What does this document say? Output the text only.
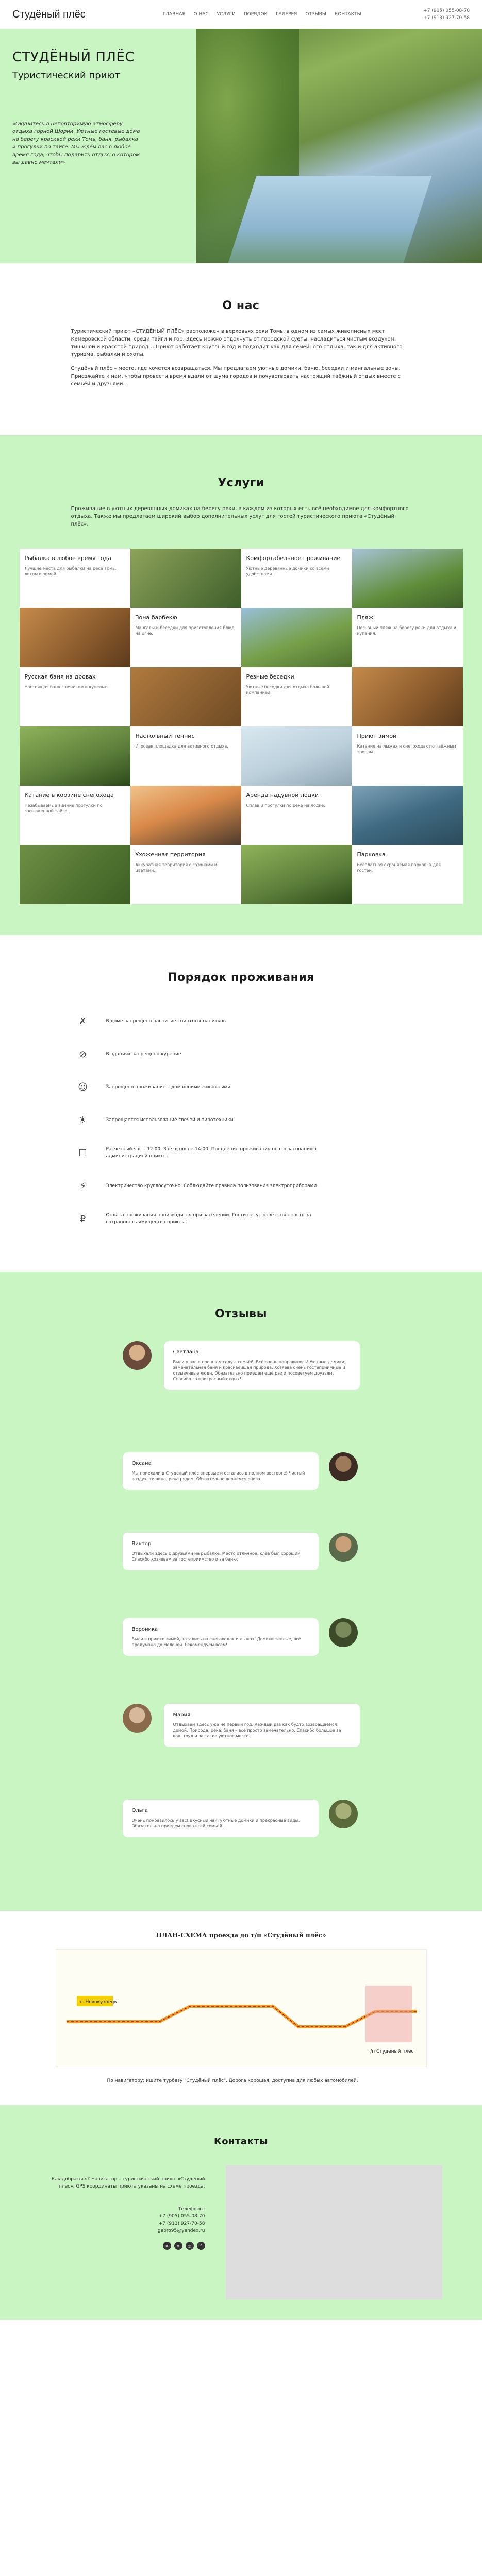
Студёный плёс	ГЛАВНАЯ О НАС УСЛУГИ ПОРЯДОК ГАЛЕРЕЯ ОТЗЫВЫ КОНТАКТЫ
+7 (905) 055-08-70
+7 (913) 927-70-58
СТУДЁНЫЙ ПЛЁС
Туристический приют
«Окунитесь в неповторимую атмосферу отдыха горной Шории. Уютные гостевые дома на берегу красивой реки Томь, баня, рыбалка и прогулки по тайге. Мы ждём вас в любое время года, чтобы подарить отдых, о котором вы давно мечтали»
О нас

Туристический приют «СТУДЁНЫЙ ПЛЁС» расположен в верховьях реки Томь, в одном из самых живописных мест Кемеровской области, среди тайги и гор. Здесь можно отдохнуть от городской суеты, насладиться чистым воздухом, тишиной и красотой природы. Приют работает круглый год и подходит как для семейного отдыха, так и для активного туризма, рыбалки и охоты.

Студёный плёс – место, где хочется возвращаться. Мы предлагаем уютные домики, баню, беседки и мангальные зоны. Приезжайте к нам, чтобы провести время вдали от шума городов и почувствовать настоящий таёжный отдых вместе с семьёй и друзьями.

Услуги
Проживание в уютных деревянных домиках на берегу реки, в каждом из которых есть всё необходимое для комфортного отдыха. Также мы предлагаем широкий выбор дополнительных услуг для гостей туристического приюта «Студёный плёс».
Рыбалка в любое время года
Лучшие места для рыбалки на реке Томь, летом и зимой.
Комфортабельное проживание
Уютные деревянные домики со всеми удобствами.
Зона барбекю
Мангалы и беседки для приготовления блюд на огне.
Пляж
Песчаный пляж на берегу реки для отдыха и купания.
Русская баня на дровах
Настоящая баня с веником и купелью.
Резные беседки
Уютные беседки для отдыха большой компанией.
Настольный теннис
Игровая площадка для активного отдыха.
Приют зимой
Катание на лыжах и снегоходах по таёжным тропам.
Катание в корзине снегохода
Незабываемые зимние прогулки по заснеженной тайге.
Аренда надувной лодки
Сплав и прогулки по реке на лодке.
Ухоженная территория
Аккуратная территория с газонами и цветами.
Парковка
Бесплатная охраняемая парковка для гостей.
Порядок проживания
✗	В доме запрещено распитие спиртных напитков
⊘	В зданиях запрещено курение
☺	Запрещено проживание с домашними животными
☀	Запрещается использование свечей и пиротехники
☐	Расчётный час – 12:00. Заезд после 14:00. Продление проживания по согласованию с администрацией приюта.
⚡	Электричество круглосуточно. Соблюдайте правила пользования электроприборами.
₽	Оплата проживания производится при заселении. Гости несут ответственность за сохранность имущества приюта.
Отзывы
Светлана
Были у вас в прошлом году с семьёй. Всё очень понравилось! Уютные домики, замечательная баня и красивейшая природа. Хозяева очень гостеприимные и отзывчивые люди. Обязательно приедем ещё раз и посоветуем друзьям. Спасибо за прекрасный отдых!
Оксана
Мы приехали в Студёный плёс впервые и остались в полном восторге! Чистый воздух, тишина, река рядом. Обязательно вернёмся снова.
Виктор
Отдыхали здесь с друзьями на рыбалке. Место отличное, клёв был хороший. Спасибо хозяевам за гостеприимство и за баню.
Вероника
Были в приюте зимой, катались на снегоходах и лыжах. Домики тёплые, всё продумано до мелочей. Рекомендуем всем!
Мария
Отдыхаем здесь уже не первый год. Каждый раз как будто возвращаемся домой. Природа, река, баня – всё просто замечательно. Спасибо большое за ваш труд и за такое уютное место.
Ольга
Очень понравилось у вас! Вкусный чай, уютные домики и прекрасные виды. Обязательно приедем снова всей семьёй.
ПЛАН-СХЕМА проезда до т/п «Студёный плёс»
г. Новокузнецк
т/п Студёный плёс
По навигатору: ищите турбазу "Студёный плёс". Дорога хорошая, доступна для любых автомобилей.
Контакты
Как добраться? Навигатор – туристический приют «Студёный плёс». GPS координаты приюта указаны на схеме проезда.
Телефоны:
+7 (905) 055-08-70
+7 (913) 927-70-58
gabro95@yandex.ru
в	о	◎	f
